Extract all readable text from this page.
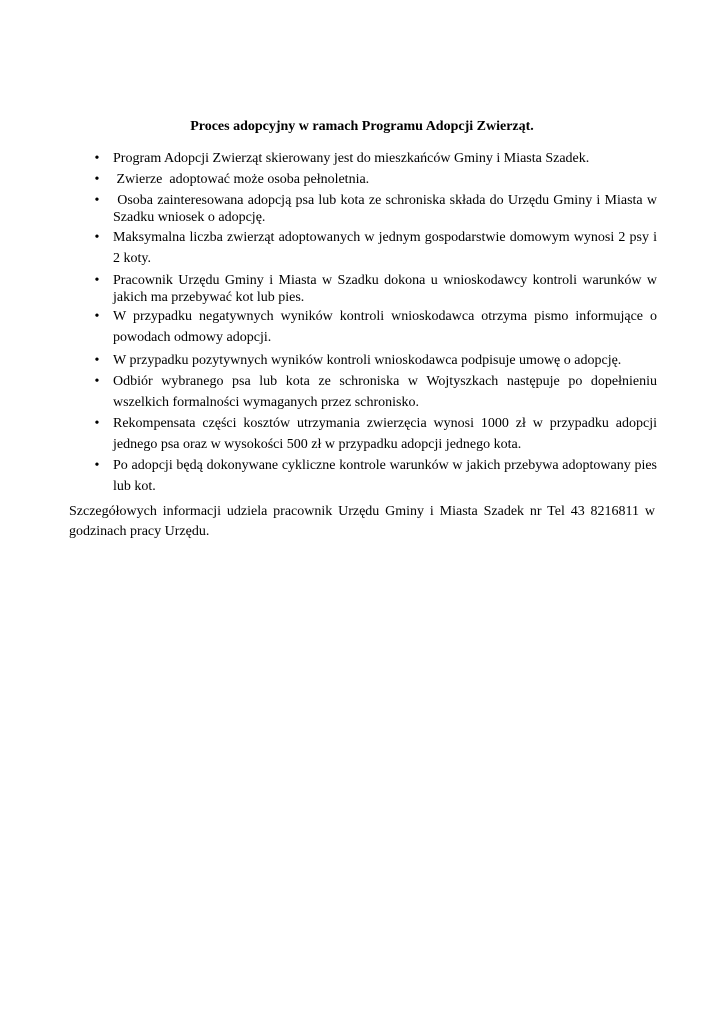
Proces adopcyjny w ramach Programu Adopcji Zwierząt.
• Program Adopcji Zwierząt skierowany jest do mieszkańców Gminy i Miasta Szadek.
• Zwierze  adoptować może osoba pełnoletnia.
• Osoba zainteresowana adopcją psa lub kota ze schroniska składa do Urzędu Gminy i Miasta w Szadku wniosek o adopcję.
• Maksymalna liczba zwierząt adoptowanych w jednym gospodarstwie domowym wynosi 2 psy i 2 koty.
• Pracownik Urzędu Gminy i Miasta w Szadku dokona u wnioskodawcy kontroli warunków w jakich ma przebywać kot lub pies.
• W przypadku negatywnych wyników kontroli wnioskodawca otrzyma pismo informujące o powodach odmowy adopcji.
• W przypadku pozytywnych wyników kontroli wnioskodawca podpisuje umowę o adopcję.
• Odbiór wybranego psa lub kota ze schroniska w Wojtyszkach następuje po dopełnieniu wszelkich formalności wymaganych przez schronisko.
• Rekompensata części kosztów utrzymania zwierzęcia wynosi 1000 zł w przypadku adopcji jednego psa oraz w wysokości 500 zł w przypadku adopcji jednego kota.
• Po adopcji będą dokonywane cykliczne kontrole warunków w jakich przebywa adoptowany pies lub kot.

Szczegółowych informacji udziela pracownik Urzędu Gminy i Miasta Szadek nr Tel 43 8216811 w godzinach pracy Urzędu.
